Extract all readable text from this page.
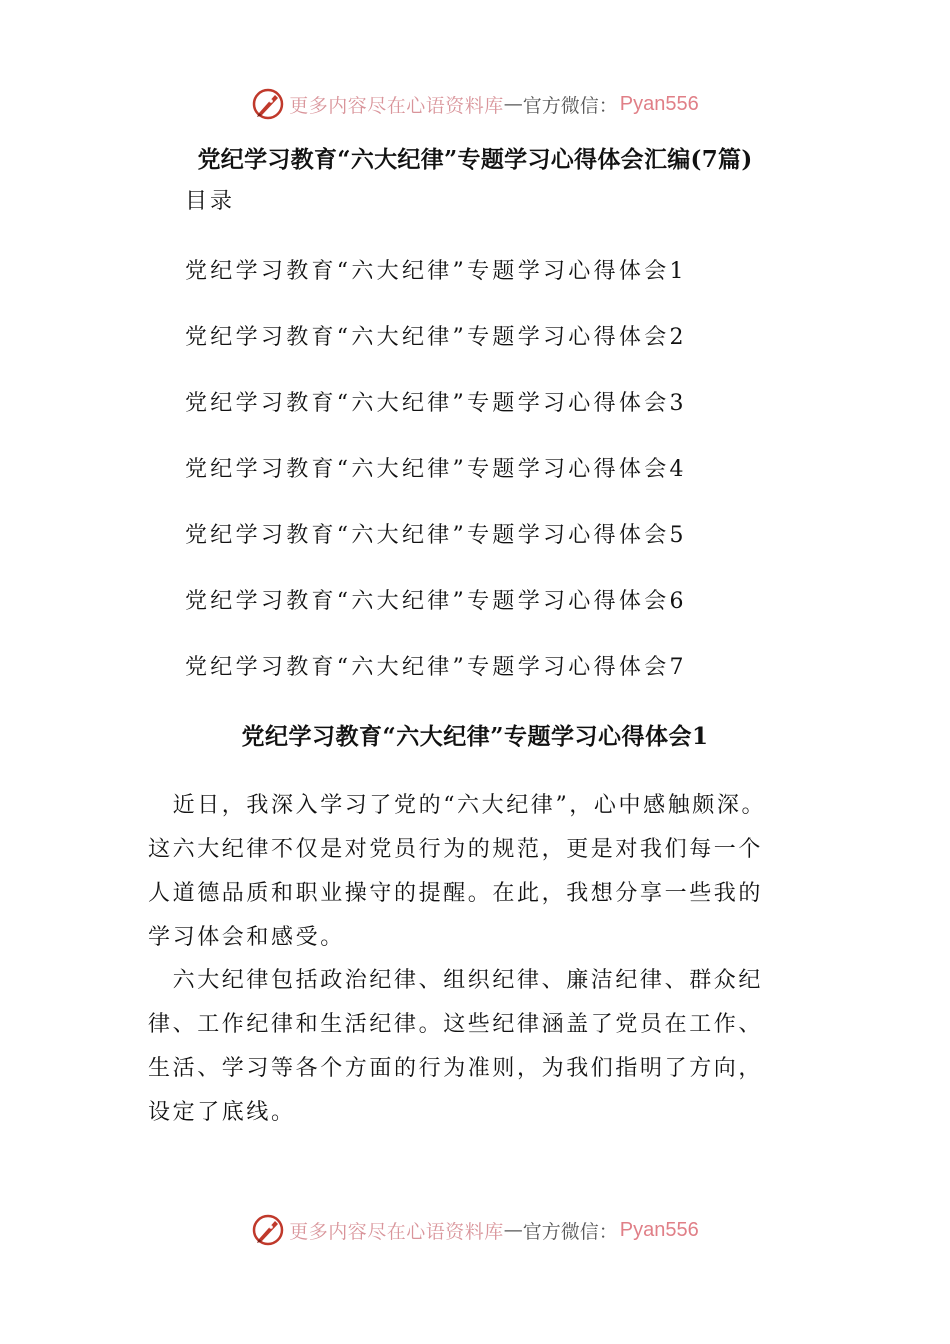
更多内容尽在心语资料库 — 官方微信： Pyan556
党纪学习教育“六大纪律”专题学习心得体会汇编(7篇)
目录
党纪学习教育“六大纪律”专题学习心得体会1
党纪学习教育“六大纪律”专题学习心得体会2
党纪学习教育“六大纪律”专题学习心得体会3
党纪学习教育“六大纪律”专题学习心得体会4
党纪学习教育“六大纪律”专题学习心得体会5
党纪学习教育“六大纪律”专题学习心得体会6
党纪学习教育“六大纪律”专题学习心得体会7
党纪学习教育“六大纪律”专题学习心得体会1
　近日，我深入学习了党的“六大纪律”，心中感触颇深。
这六大纪律不仅是对党员行为的规范，更是对我们每一个
人道德品质和职业操守的提醒。在此，我想分享一些我的
学习体会和感受。
　六大纪律包括政治纪律、组织纪律、廉洁纪律、群众纪
律、工作纪律和生活纪律。这些纪律涵盖了党员在工作、
生活、学习等各个方面的行为准则，为我们指明了方向，
设定了底线。
更多内容尽在心语资料库 — 官方微信： Pyan556
